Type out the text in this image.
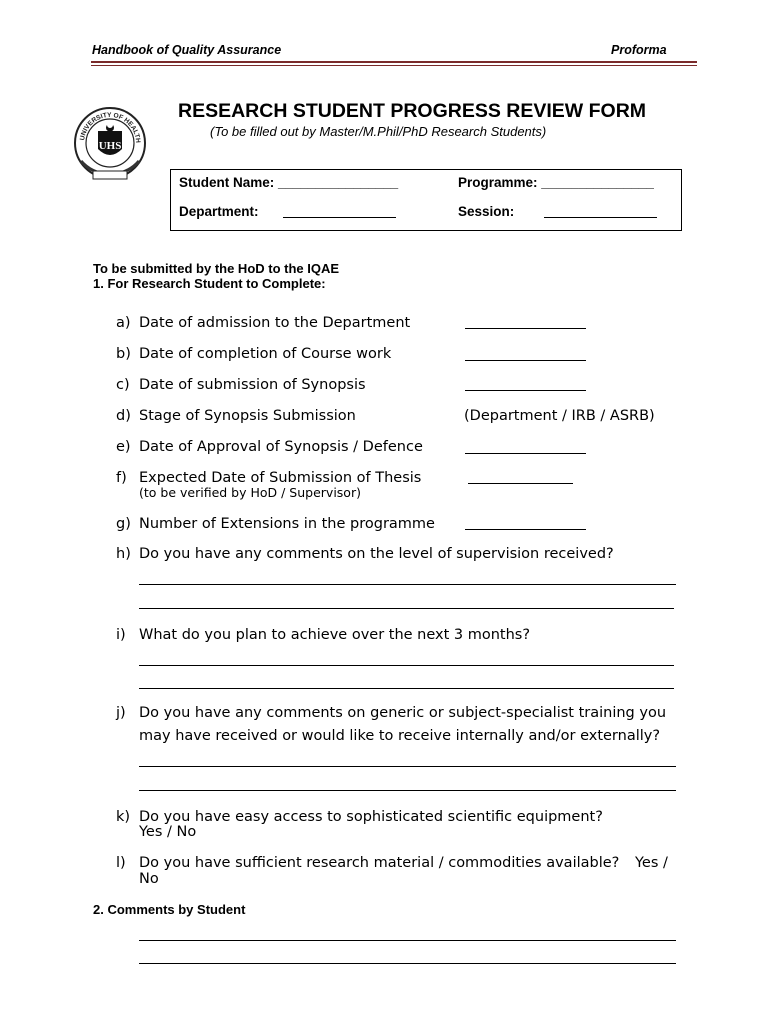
Handbook of Quality Assurance	Proforma
UNIVERSITY OF HEALTH
UHS
RESEARCH STUDENT PROGRESS REVIEW FORM
(To be filled out by Master/M.Phil/PhD Research Students)
Student Name: ________________	Programme: _______________
Department:	Session:
To be submitted by the HoD to the IQAE
1. For Research Student to Complete:
a) Date of admission to the Department
b) Date of completion of Course work
c) Date of submission of Synopsis
d) Stage of Synopsis Submission	(Department / IRB / ASRB)
e) Date of Approval of Synopsis / Defence
f) Expected Date of Submission of Thesis
(to be verified by HoD / Supervisor)
g) Number of Extensions in the programme
h) Do you have any comments on the level of supervision received?
i) What do you plan to achieve over the next 3 months?
j) Do you have any comments on generic or subject-specialist training you
may have received or would like to receive internally and/or externally?
k) Do you have easy access to sophisticated scientific equipment?
Yes / No
l) Do you have sufficient research material / commodities available? Yes /
No
2. Comments by Student
